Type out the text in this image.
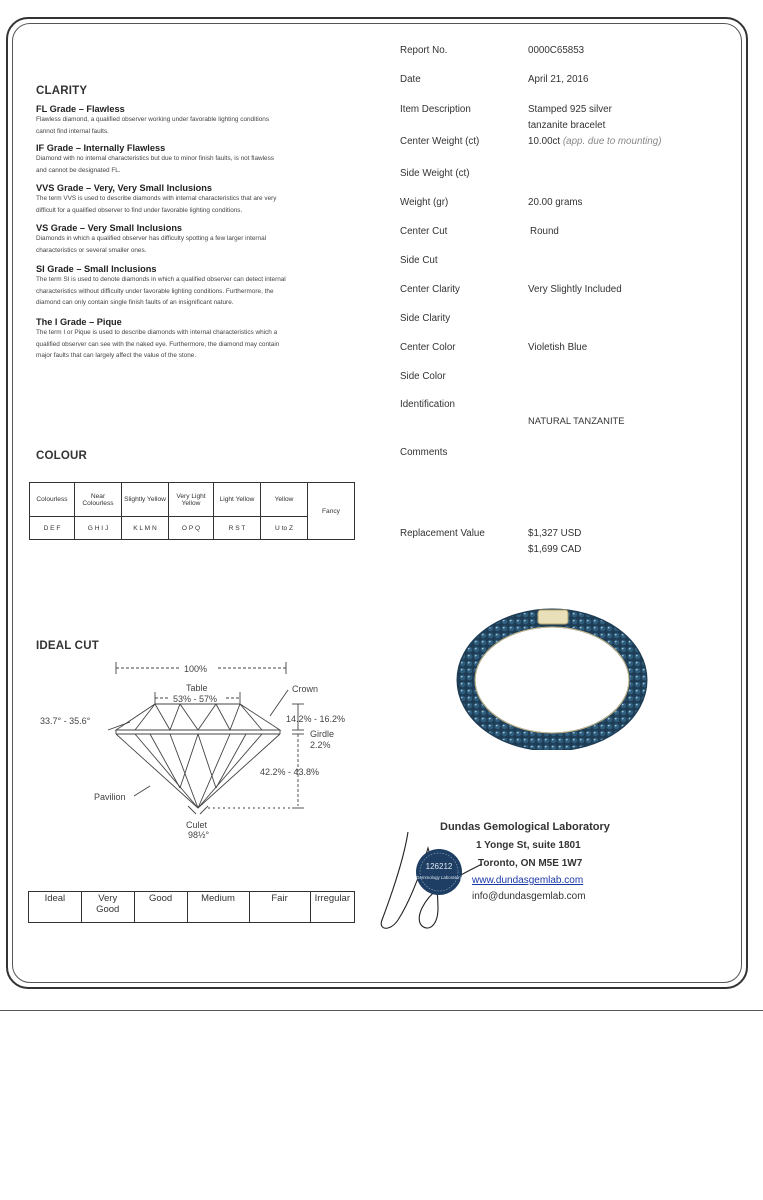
CLARITY
FL Grade – Flawless
Flawless diamond, a qualified observer working under favorable lighting conditions
cannot find internal faults.
IF Grade – Internally Flawless
Diamond with no internal characteristics but due to minor finish faults, is not flawless
and cannot be designated FL.
VVS Grade – Very, Very Small Inclusions
The term VVS is used to describe diamonds with internal characteristics that are very
difficult for a qualified observer to find under favorable lighting conditions.
VS Grade – Very Small Inclusions
Diamonds in which a qualified observer has difficulty spotting a few larger internal
characteristics or several smaller ones.
SI Grade – Small Inclusions
The term SI is used to denote diamonds in which a qualified observer can detect internal
characteristics without difficulty under favorable lighting conditions. Furthermore, the
diamond can only contain single finish faults of an insignificant nature.
The I Grade – Pique
The term I or Pique is used to describe diamonds with internal characteristics which a
qualified observer can see with the naked eye. Furthermore, the diamond may contain
major faults that can largely affect the value of the stone.
COLOUR
Colourless	Near Colourless	Slightly Yellow	Very Light Yellow	Light Yellow	Yellow	Fancy
D E F	G H I J	K L M N	O P Q	R S T	U to Z	
IDEAL CUT
100%
Table
53% - 57%
Crown
33.7° - 35.6°	14.2% - 16.2%
Girdle
2.2%
42.2% - 43.8%
Pavilion
Culet
98½°
Ideal	Very Good	Good	Medium	Fair	Irregular
Report No.	0000C65853
Date	April 21, 2016
Item Description	Stamped 925 silver
tanzanite bracelet
Center Weight (ct)	10.00ct (app. due to mounting)
Side Weight (ct)
Weight (gr)	20.00 grams
Center Cut	Round
Side Cut
Center Clarity	Very Slightly Included
Side Clarity
Center Color	Violetish Blue
Side Color
Identification
NATURAL TANZANITE
Comments
Replacement Value	$1,327 USD
$1,699 CAD
126212
Gemmology Laboratory
Dundas Gemological Laboratory
1 Yonge St, suite 1801
Toronto, ON M5E 1W7
www.dundasgemlab.com
info@dundasgemlab.com
